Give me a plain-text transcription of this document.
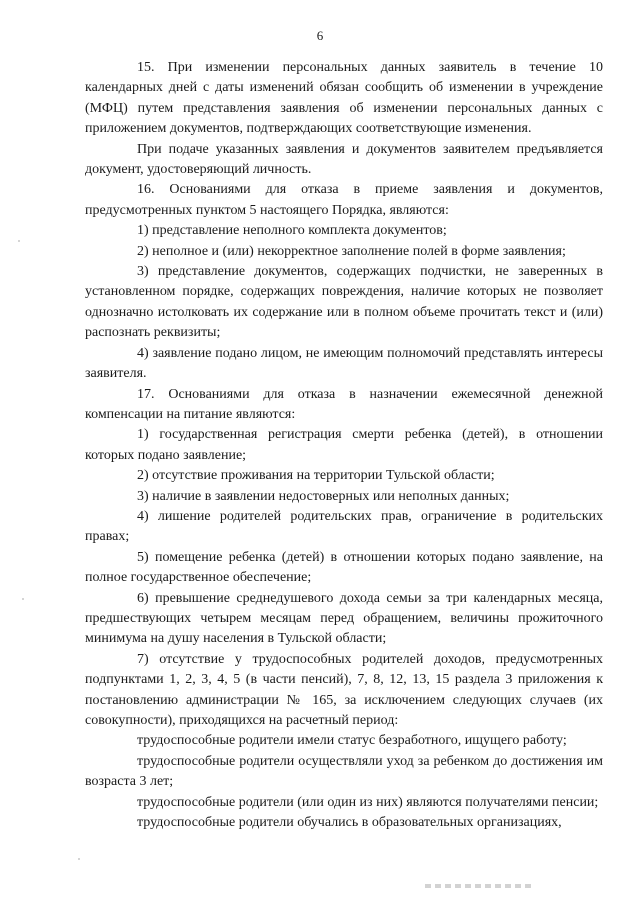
6

15. При изменении персональных данных заявитель в течение 10 календарных дней с даты изменений обязан сообщить об изменении в учреждение (МФЦ) путем представления заявления об изменении персональных данных с приложением документов, подтверждающих соответствующие изменения.

При подаче указанных заявления и документов заявителем предъявляется документ, удостоверяющий личность.

16. Основаниями для отказа в приеме заявления и документов, предусмотренных пунктом 5 настоящего Порядка, являются:

1) представление неполного комплекта документов;

2) неполное и (или) некорректное заполнение полей в форме заявления;

3) представление документов, содержащих подчистки, не заверенных в установленном порядке, содержащих повреждения, наличие которых не позволяет однозначно истолковать их содержание или в полном объеме прочитать текст и (или) распознать реквизиты;

4) заявление подано лицом, не имеющим полномочий представлять интересы заявителя.

17. Основаниями для отказа в назначении ежемесячной денежной компенсации на питание являются:

1) государственная регистрация смерти ребенка (детей), в отношении которых подано заявление;

2) отсутствие проживания на территории Тульской области;

3) наличие в заявлении недостоверных или неполных данных;

4) лишение родителей родительских прав, ограничение в родительских правах;

5) помещение ребенка (детей) в отношении которых подано заявление, на полное государственное обеспечение;

6) превышение среднедушевого дохода семьи за три календарных месяца, предшествующих четырем месяцам перед обращением, величины прожиточного минимума на душу населения в Тульской области;

7) отсутствие у трудоспособных родителей доходов, предусмотренных подпунктами 1, 2, 3, 4, 5 (в части пенсий), 7, 8, 12, 13, 15 раздела 3 приложения к постановлению администрации № 165, за исключением следующих случаев (их совокупности), приходящихся на расчетный период:

трудоспособные родители имели статус безработного, ищущего работу;

трудоспособные родители осуществляли уход за ребенком до достижения им возраста 3 лет;

трудоспособные родители (или один из них) являются получателями пенсии;

трудоспособные родители обучались в образовательных организациях,
